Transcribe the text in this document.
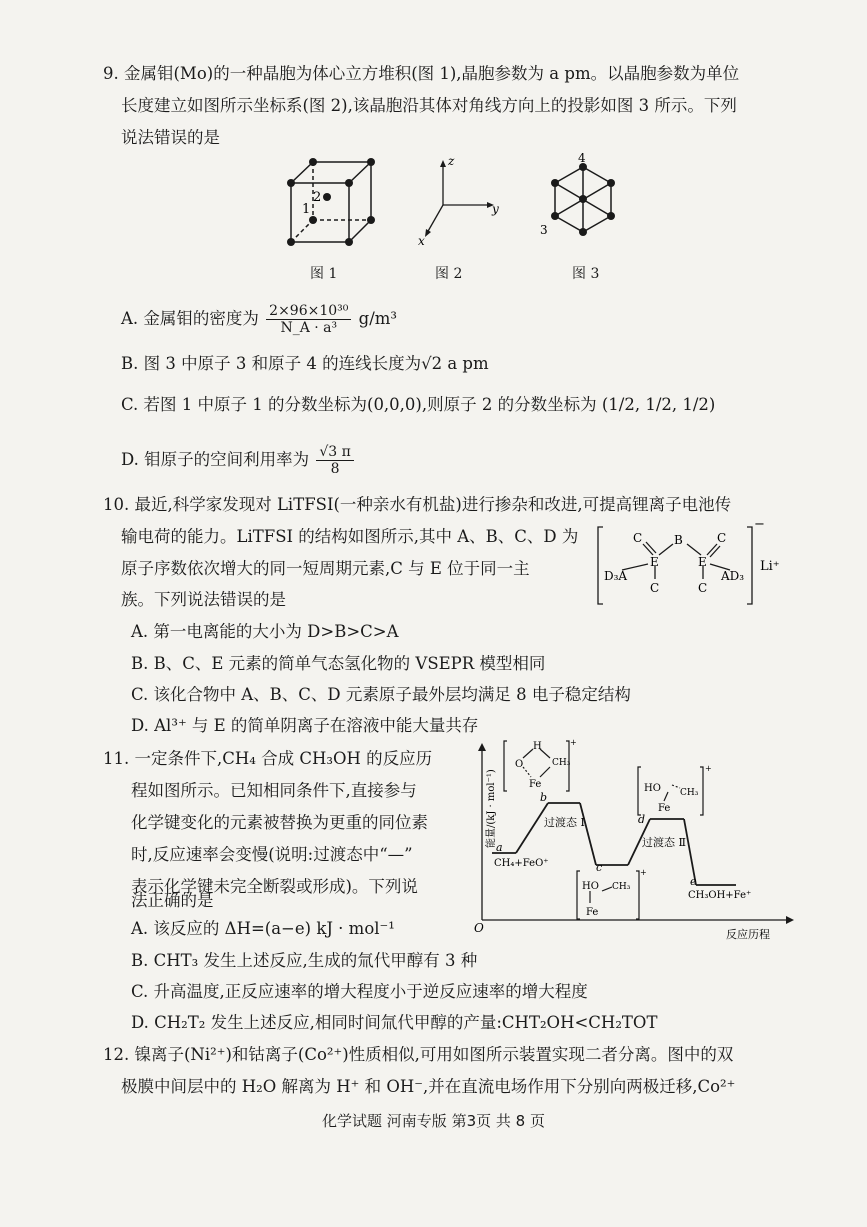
9. 金属钼(Mo)的一种晶胞为体心立方堆积(图 1),晶胞参数为 a pm。以晶胞参数为单位
长度建立如图所示坐标系(图 2),该晶胞沿其体对角线方向上的投影如图 3 所示。下列
说法错误的是
1
2
图 1
z
y
x
图 2
4
3
图 3
A. 金属钼的密度为 $\frac{\text{2×96×10³⁰}}{\text{N\_A · a³}} g/m^3$
B. 图 3 中原子 3 和原子 4 的连线长度为√2 a pm
C. 若图 1 中原子 1 的分数坐标为(0,0,0),则原子 2 的分数坐标为 (1/2, 1/2, 1/2)
D. 钼原子的空间利用率为 $\frac{√3 \pi}{8}$
10. 最近,科学家发现对 LiTFSI(一种亲水有机盐)进行掺杂和改进,可提高锂离子电池传
输电荷的能力。LiTFSI 的结构如图所示,其中 A、B、C、D 为
原子序数依次增大的同一短周期元素,C 与 E 位于同一主
族。下列说法错误的是
C	B	C
E	E
D₃A	AD₃
C	C
−
Li⁺
A. 第一电离能的大小为 D>B>C>A
B. B、C、E 元素的简单气态氢化物的 VSEPR 模型相同
C. 该化合物中 A、B、C、D 元素原子最外层均满足 8 电子稳定结构
D. Al³⁺ 与 E 的简单阴离子在溶液中能大量共存
11. 一定条件下,CH₄ 合成 CH₃OH 的反应历
程如图所示。已知相同条件下,直接参与
化学键变化的元素被替换为更重的同位素
时,反应速率会变慢(说明:过渡态中“—”
表示化学键未完全断裂或形成)。下列说
法正确的是
a
b
c
d
e
CH₄+FeO⁺
CH₃OH+Fe⁺
过渡态 Ⅰ
过渡态 Ⅱ
O	反应历程
能量/(kJ · mol⁻¹)
O
H
CH₃
Fe
+
HO CH₃
Fe
+
HO CH₃
Fe
+
A. 该反应的 ΔH=(a−e) kJ · mol⁻¹
B. CHT₃ 发生上述反应,生成的氚代甲醇有 3 种
C. 升高温度,正反应速率的增大程度小于逆反应速率的增大程度
D. CH₂T₂ 发生上述反应,相同时间氚代甲醇的产量:CHT₂OH<CH₂TOT
12. 镍离子(Ni²⁺)和钴离子(Co²⁺)性质相似,可用如图所示装置实现二者分离。图中的双
极膜中间层中的 H₂O 解离为 H⁺ 和 OH⁻,并在直流电场作用下分别向两极迁移,Co²⁺
化学试题 河南专版 第3页 共 8 页
